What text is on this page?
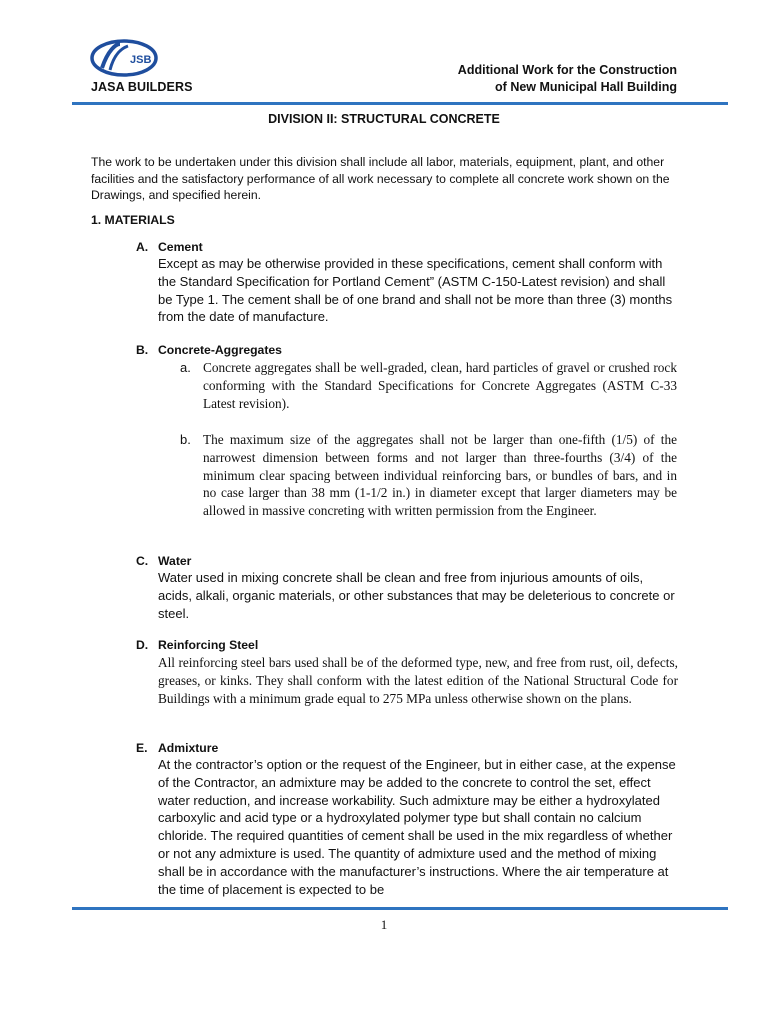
JSB
JASA BUILDERS
Additional Work for the Construction
of New Municipal Hall Building
DIVISION II: STRUCTURAL CONCRETE
The work to be undertaken under this division shall include all labor, materials, equipment, plant, and other facilities and the satisfactory performance of all work necessary to complete all concrete work shown on the Drawings, and specified herein.
1. MATERIALS
A. Cement
Except as may be otherwise provided in these specifications, cement shall conform with the Standard Specification for Portland Cement” (ASTM C-150-Latest revision) and shall be Type 1. The cement shall be of one brand and shall not be more than three (3) months from the date of manufacture.
B. Concrete-Aggregates
a. Concrete aggregates shall be well-graded, clean, hard particles of gravel or crushed rock conforming with the Standard Specifications for Concrete Aggregates (ASTM C-33 Latest revision).
b. The maximum size of the aggregates shall not be larger than one-fifth (1/5) of the narrowest dimension between forms and not larger than three-fourths (3/4) of the minimum clear spacing between individual reinforcing bars, or bundles of bars, and in no case larger than 38 mm (1-1/2 in.) in diameter except that larger diameters may be allowed in massive concreting with written permission from the Engineer.
C. Water
Water used in mixing concrete shall be clean and free from injurious amounts of oils, acids, alkali, organic materials, or other substances that may be deleterious to concrete or steel.
D. Reinforcing Steel
All reinforcing steel bars used shall be of the deformed type, new, and free from rust, oil, defects, greases, or kinks. They shall conform with the latest edition of the National Structural Code for Buildings with a minimum grade equal to 275 MPa unless otherwise shown on the plans.
E. Admixture
At the contractor’s option or the request of the Engineer, but in either case, at the expense of the Contractor, an admixture may be added to the concrete to control the set, effect water reduction, and increase workability. Such admixture may be either a hydroxylated carboxylic and acid type or a hydroxylated polymer type but shall contain no calcium chloride. The required quantities of cement shall be used in the mix regardless of whether or not any admixture is used. The quantity of admixture used and the method of mixing shall be in accordance with the manufacturer’s instructions. Where the air temperature at the time of placement is expected to be
1
